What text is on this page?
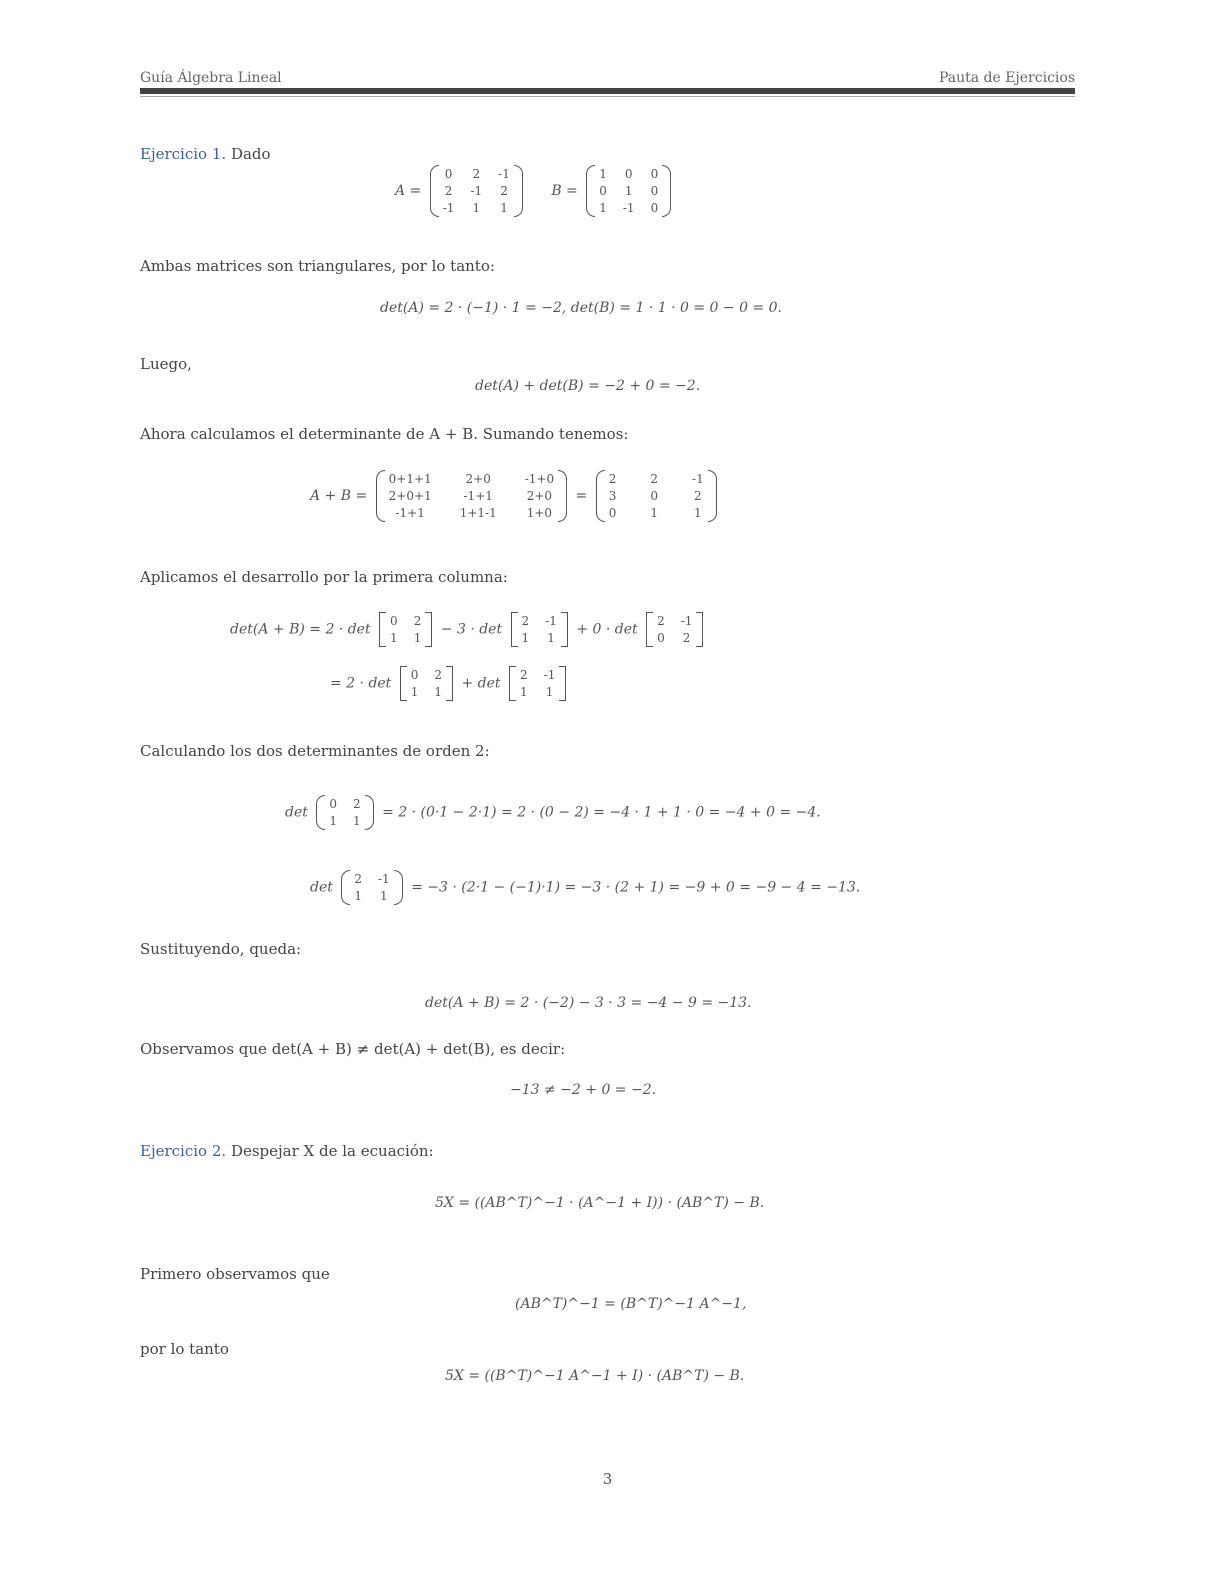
Guía Álgebra Lineal	Pauta de Ejercicios
Ejercicio 1. Dado
A =
0 2 -1
2 -1 2
-1 1 1
B =
1 0 0
0 1 0
1 -1 0
Ambas matrices son triangulares, por lo tanto:
det(A) = 2 · (−1) · 1 = −2, det(B) = 1 · 1 · 0 = 0 − 0 = 0.
Luego,
det(A) + det(B) = −2 + 0 = −2.
Ahora calculamos el determinante de A + B. Sumando tenemos:
A + B =
0+1+1	2+0	-1+0
2+0+1	-1+1	2+0
-1+1	1+1-1	1+0
=
2	2	-1
3	0	2
0	1	1
Aplicamos el desarrollo por la primera columna:
det(A + B) = 2 · det
0 2
1 1
− 3 · det
2 -1
1 1
+ 0 · det
2 -1
0 2
= 2 · det
0 2
1 1
+ det
2 -1
1 1
Calculando los dos determinantes de orden 2:
det
0 2
1 1
= 2 · (0·1 − 2·1) = 2 · (0 − 2) = −4 · 1 + 1 · 0 = −4 + 0 = −4.
det
2 -1
1 1
= −3 · (2·1 − (−1)·1) = −3 · (2 + 1) = −9 + 0 = −9 − 4 = −13.
Sustituyendo, queda:
det(A + B) = 2 · (−2) − 3 · 3 = −4 − 9 = −13.
Observamos que det(A + B) ≠ det(A) + det(B), es decir:
−13 ≠ −2 + 0 = −2.
Ejercicio 2. Despejar X de la ecuación:
5X = ((AB^T)^−1 · (A^−1 + I)) · (AB^T) − B.
Primero observamos que
(AB^T)^−1 = (B^T)^−1 A^−1,
por lo tanto
5X = ((B^T)^−1 A^−1 + I) · (AB^T) − B.
3
